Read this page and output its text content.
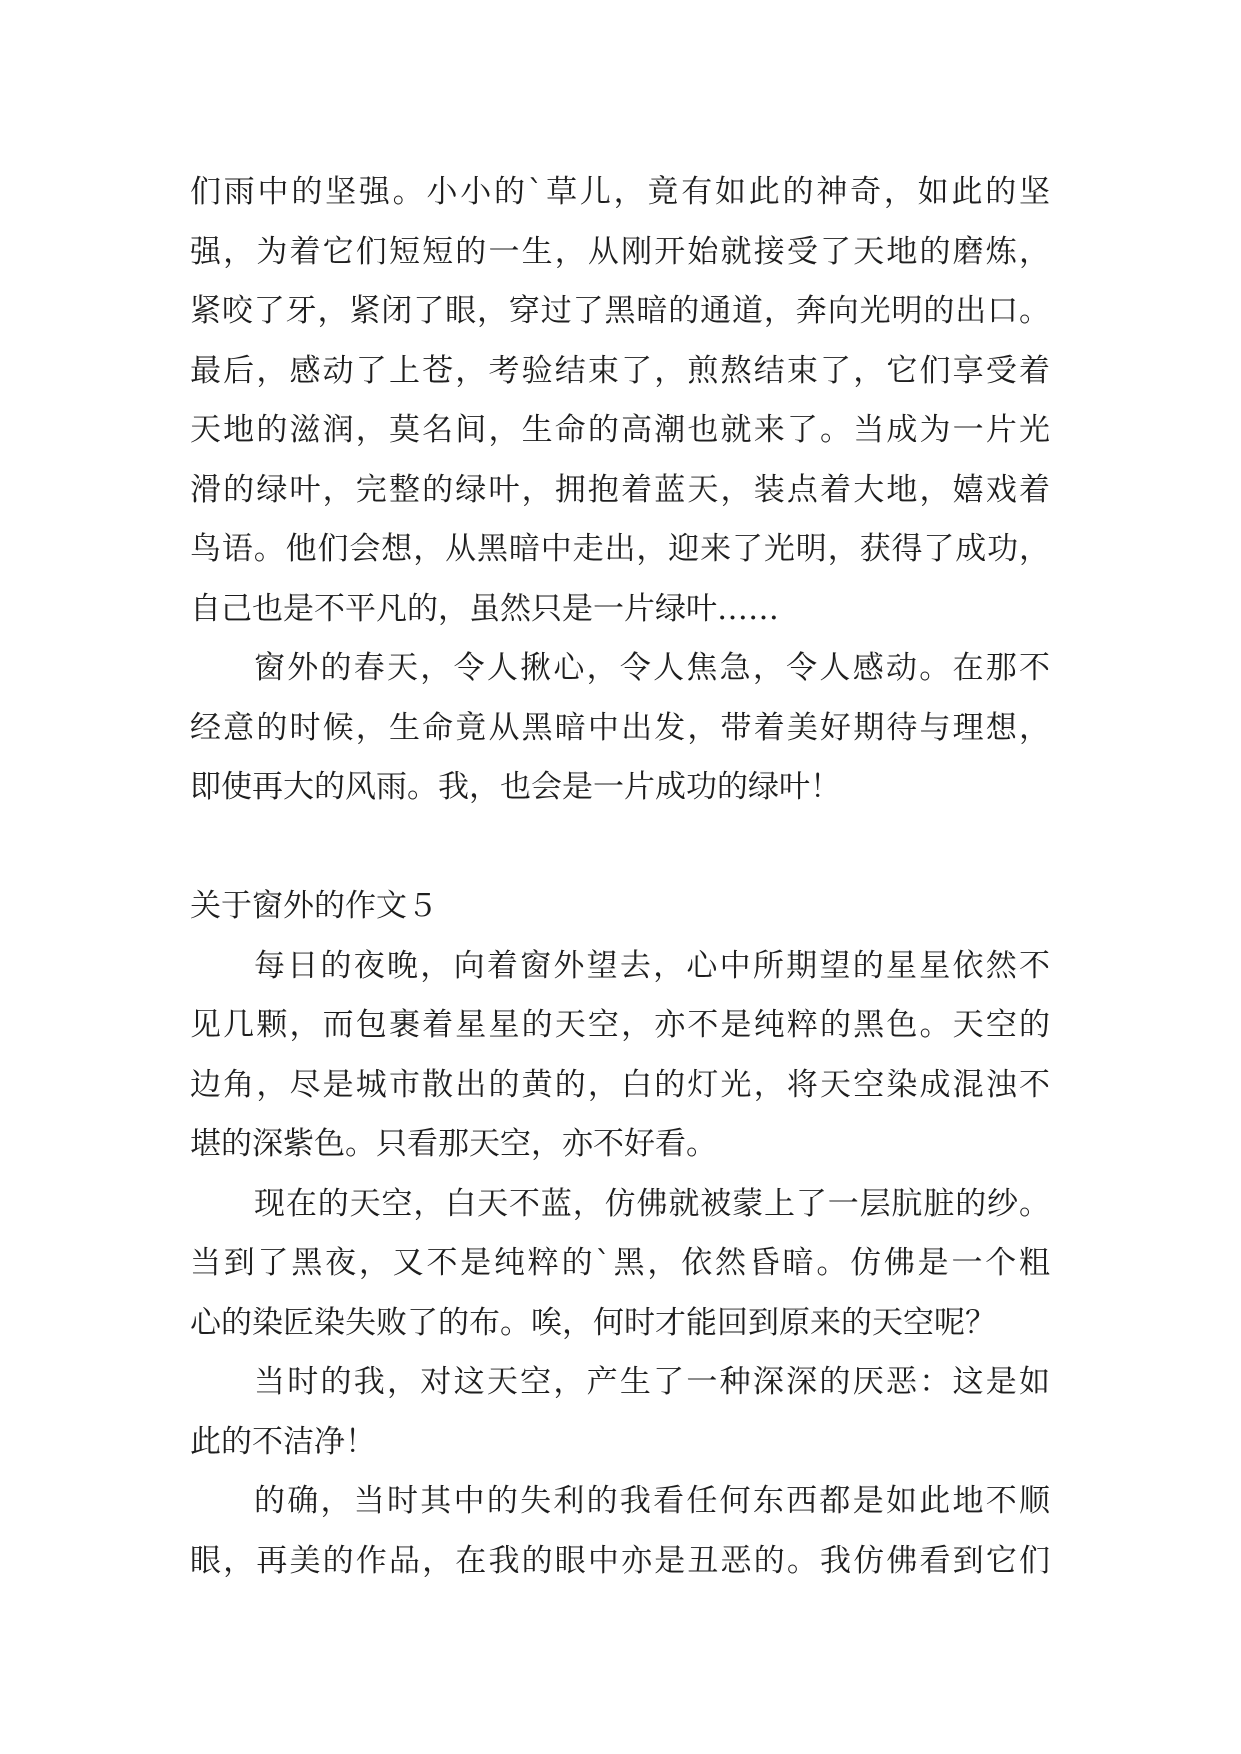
们雨中的坚强。小小的`草儿，竟有如此的神奇，如此的坚
强，为着它们短短的一生，从刚开始就接受了天地的磨炼，
紧咬了牙，紧闭了眼，穿过了黑暗的通道，奔向光明的出口。
最后，感动了上苍，考验结束了，煎熬结束了，它们享受着
天地的滋润，莫名间，生命的高潮也就来了。当成为一片光
滑的绿叶，完整的绿叶，拥抱着蓝天，装点着大地，嬉戏着
鸟语。他们会想，从黑暗中走出，迎来了光明，获得了成功，
自己也是不平凡的，虽然只是一片绿叶……
窗外的春天，令人揪心，令人焦急，令人感动。在那不
经意的时候，生命竟从黑暗中出发，带着美好期待与理想，
即使再大的风雨。我，也会是一片成功的绿叶！
关于窗外的作文５
每日的夜晚，向着窗外望去，心中所期望的星星依然不
见几颗，而包裹着星星的天空，亦不是纯粹的黑色。天空的
边角，尽是城市散出的黄的，白的灯光，将天空染成混浊不
堪的深紫色。只看那天空，亦不好看。
现在的天空，白天不蓝，仿佛就被蒙上了一层肮脏的纱。
当到了黑夜，又不是纯粹的`黑，依然昏暗。仿佛是一个粗
心的染匠染失败了的布。唉，何时才能回到原来的天空呢？
当时的我，对这天空，产生了一种深深的厌恶：这是如
此的不洁净！
的确，当时其中的失利的我看任何东西都是如此地不顺
眼，再美的作品，在我的眼中亦是丑恶的。我仿佛看到它们
